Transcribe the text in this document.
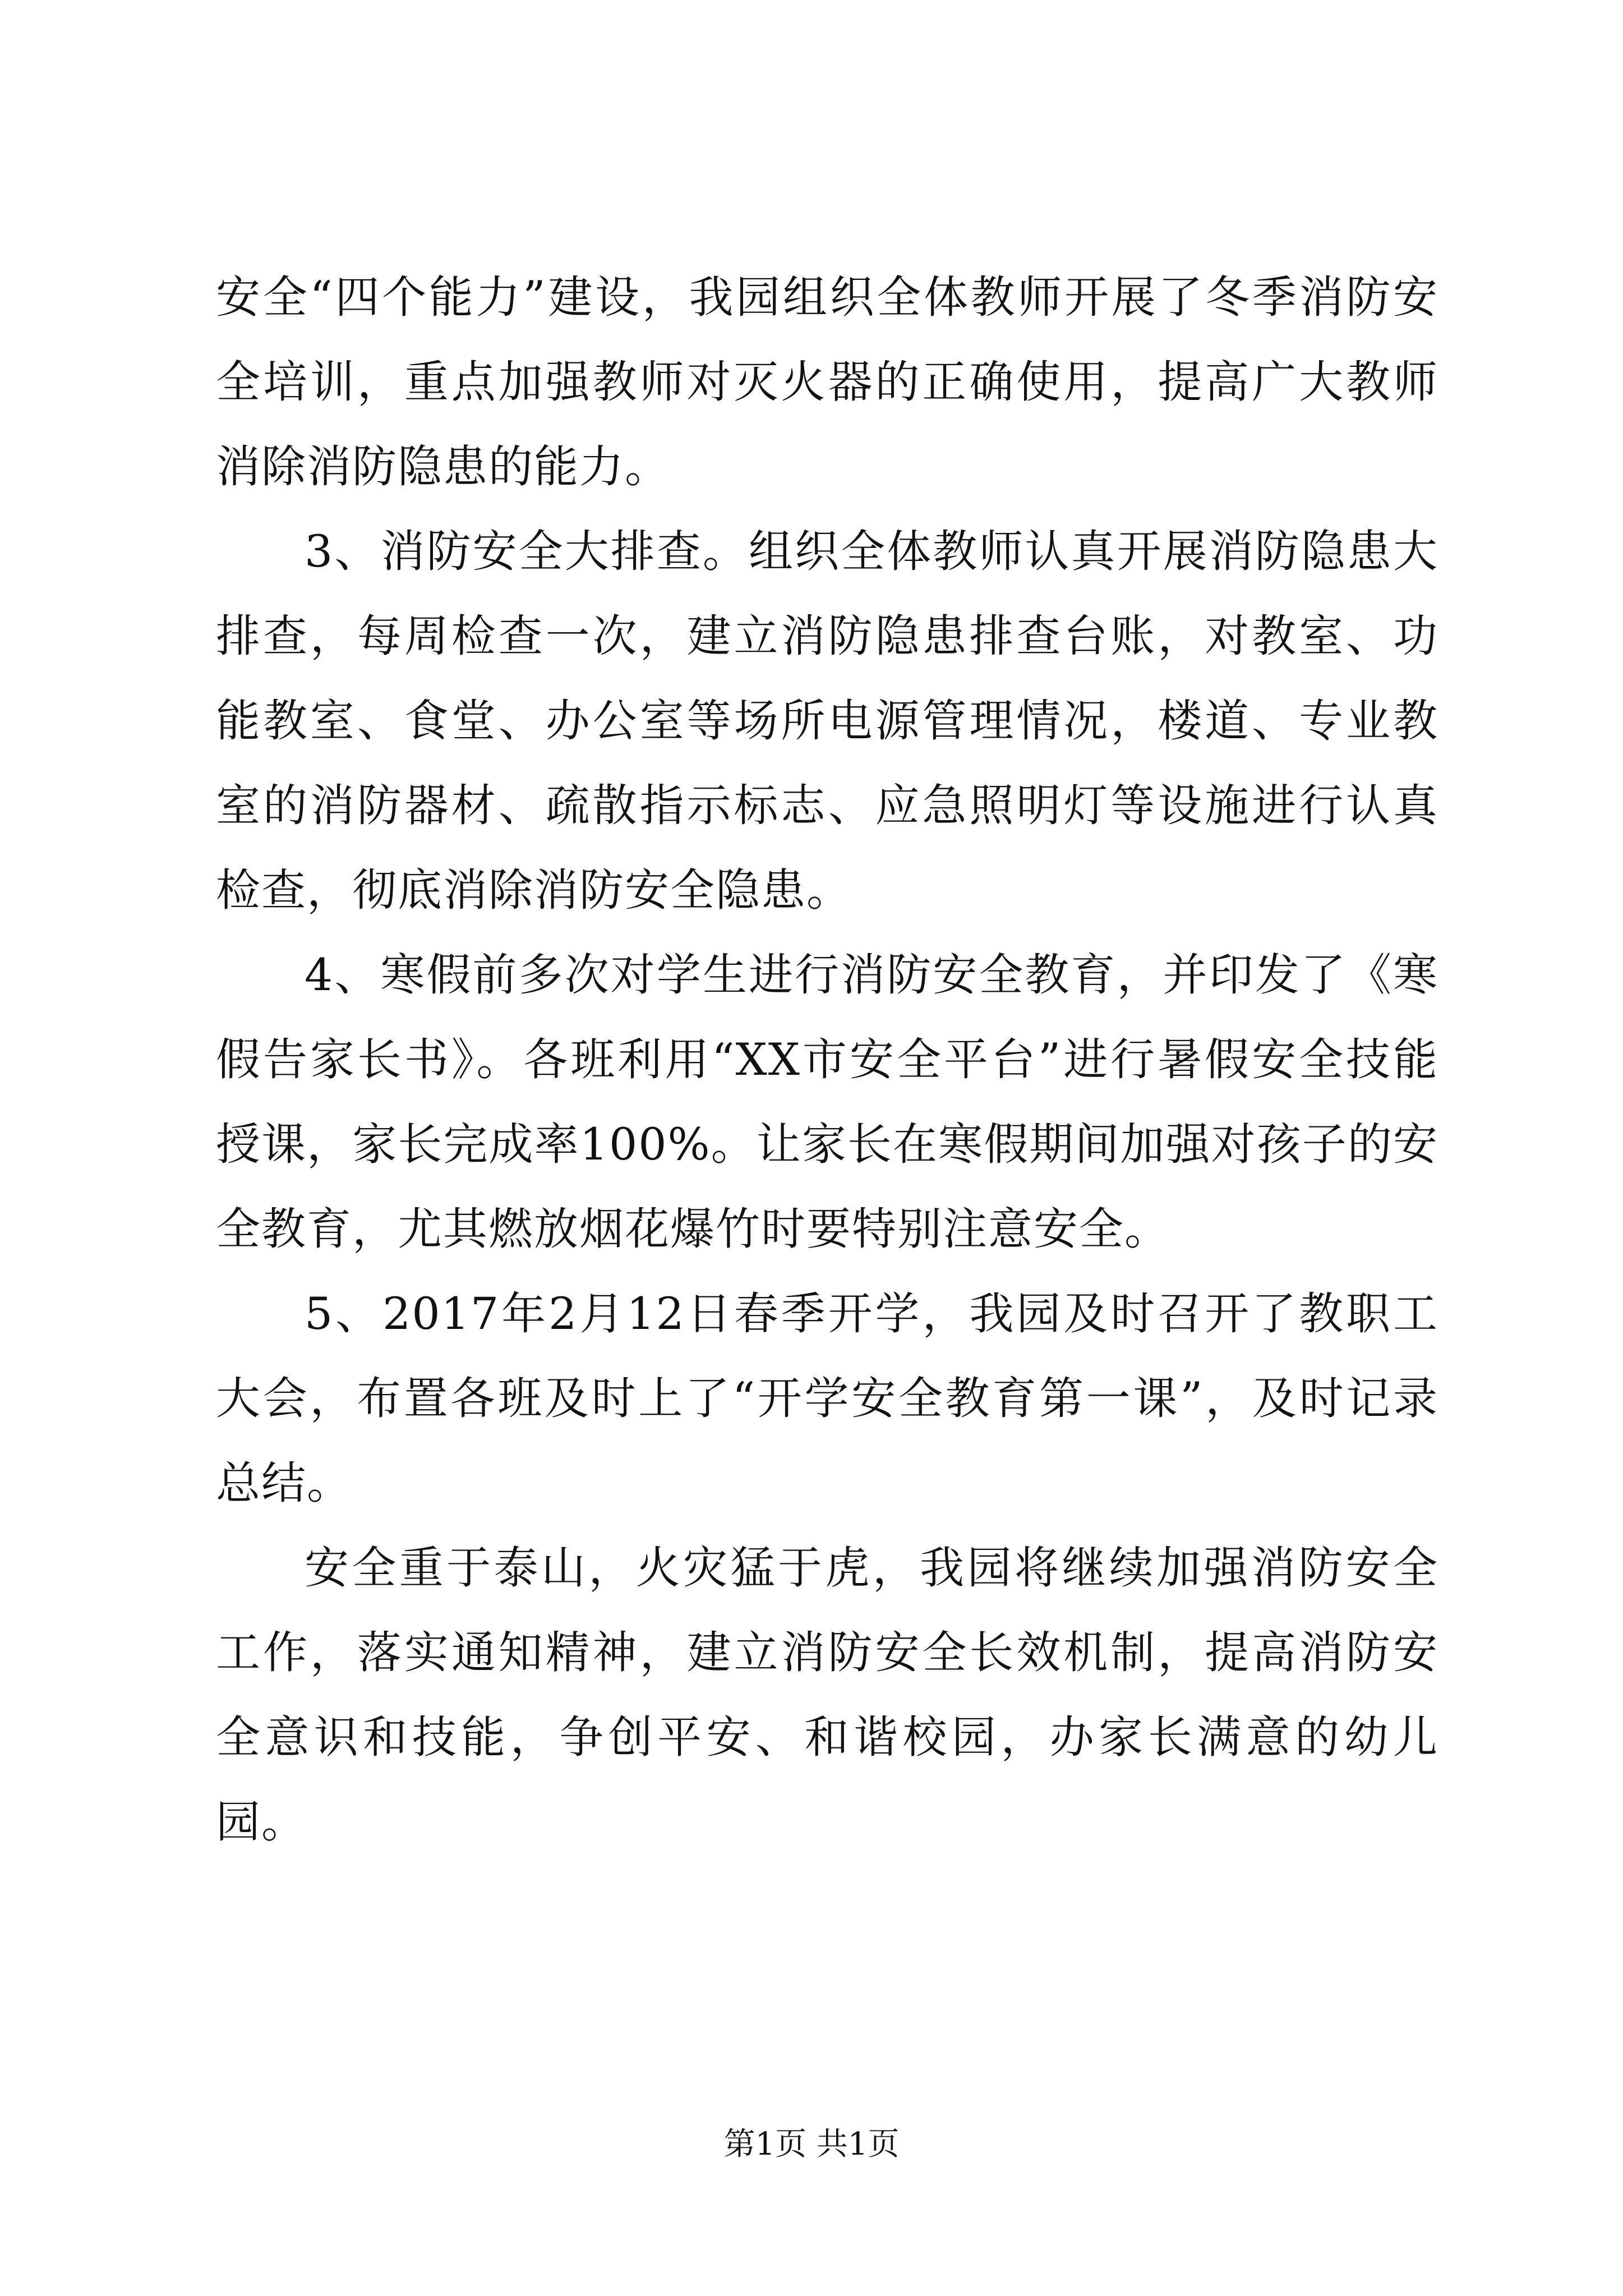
安全“四个能力”建设，我园组织全体教师开展了冬季消防安全培训，重点加强教师对灭火器的正确使用，提高广大教师消除消防隐患的能力。

3、消防安全大排查。组织全体教师认真开展消防隐患大排查，每周检查一次，建立消防隐患排查台账，对教室、功能教室、食堂、办公室等场所电源管理情况，楼道、专业教室的消防器材、疏散指示标志、应急照明灯等设施进行认真检查，彻底消除消防安全隐患。

4、寒假前多次对学生进行消防安全教育，并印发了《寒假告家长书》。各班利用“XX市安全平台”进行暑假安全技能授课，家长完成率100%。让家长在寒假期间加强对孩子的安全教育，尤其燃放烟花爆竹时要特别注意安全。

5、2017年2月12日春季开学，我园及时召开了教职工大会，布置各班及时上了“开学安全教育第一课”，及时记录总结。

安全重于泰山，火灾猛于虎，我园将继续加强消防安全工作，落实通知精神，建立消防安全长效机制，提高消防安全意识和技能，争创平安、和谐校园，办家长满意的幼儿园。

第1页 共1页
